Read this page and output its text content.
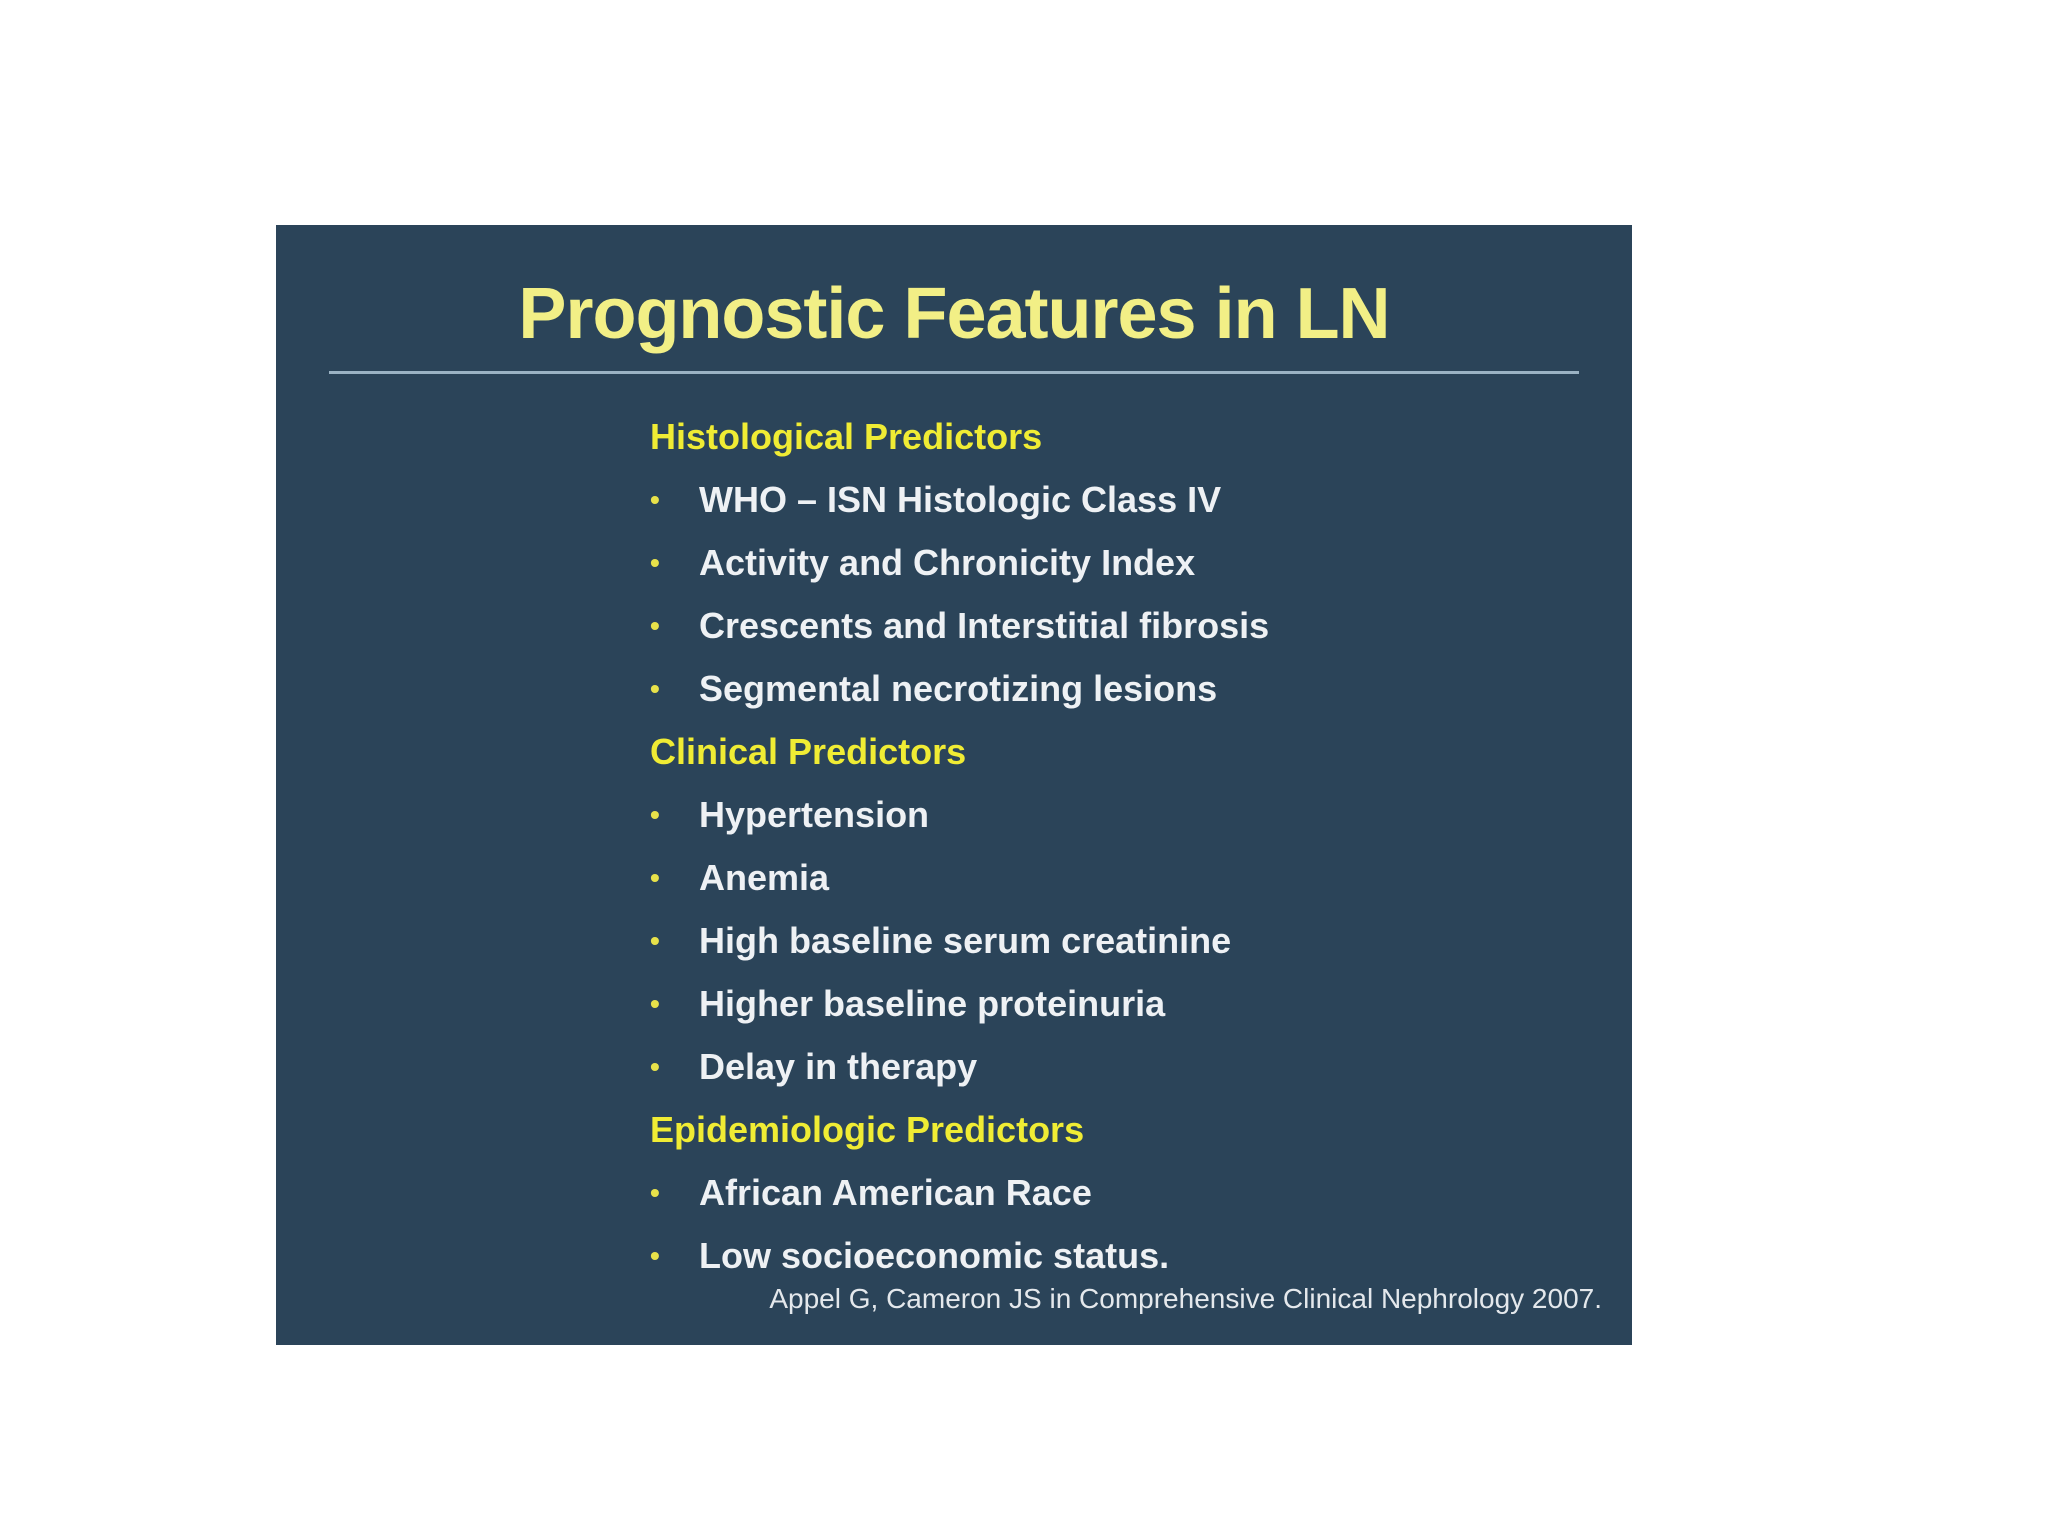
Prognostic Features in LN
Histological Predictors
•	WHO – ISN Histologic Class IV
•	Activity and Chronicity Index
•	Crescents and Interstitial fibrosis
•	Segmental necrotizing lesions
Clinical Predictors
•	Hypertension
•	Anemia
•	High baseline serum creatinine
•	Higher baseline proteinuria
•	Delay in therapy
Epidemiologic Predictors
•	African American Race
•	Low socioeconomic status.
Appel G, Cameron JS in Comprehensive Clinical Nephrology 2007.
